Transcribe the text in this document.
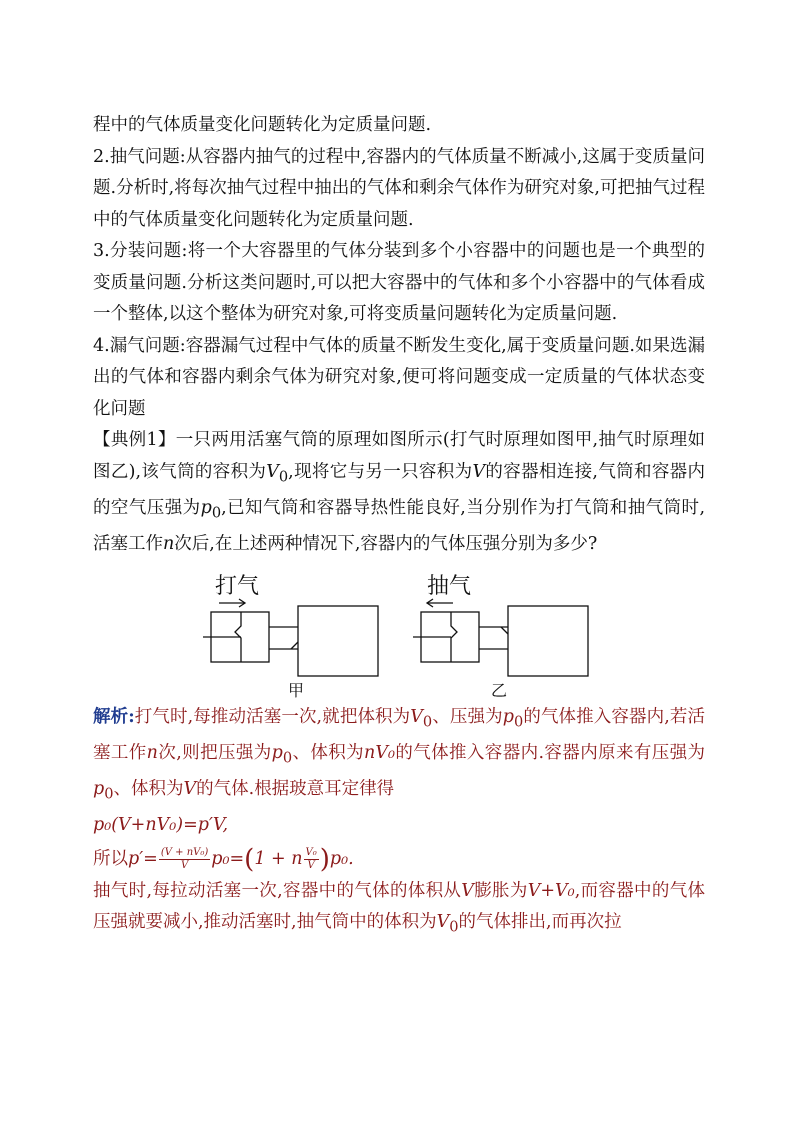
程中的气体质量变化问题转化为定质量问题.

2.抽气问题:从容器内抽气的过程中,容器内的气体质量不断减小,这属于变质量问题.分析时,将每次抽气过程中抽出的气体和剩余气体作为研究对象,可把抽气过程中的气体质量变化问题转化为定质量问题.

3.分装问题:将一个大容器里的气体分装到多个小容器中的问题也是一个典型的变质量问题.分析这类问题时,可以把大容器中的气体和多个小容器中的气体看成一个整体,以这个整体为研究对象,可将变质量问题转化为定质量问题.

4.漏气问题:容器漏气过程中气体的质量不断发生变化,属于变质量问题.如果选漏出的气体和容器内剩余气体为研究对象,便可将问题变成一定质量的气体状态变化问题

【典例1】一只两用活塞气筒的原理如图所示(打气时原理如图甲,抽气时原理如图乙),该气筒的容积为$V_0$,现将它与另一只容积为V的容器相连接,气筒和容器内的空气压强为$p_0$,已知气筒和容器导热性能良好,当分别作为打气筒和抽气筒时,活塞工作n次后,在上述两种情况下,容器内的气体压强分别为多少?

打气	抽气
甲	乙

解析:打气时,每推动活塞一次,就把体积为$V_0$、压强为$p_0$的气体推入容器内,若活塞工作n次,则把压强为$p_0$、体积为nV₀的气体推入容器内.容器内原来有压强为$p_0$、体积为V的气体.根据玻意耳定律得

p₀(V+nV₀)=p′V,

所以$p'= \frac{\text{(V + nV₀)}}{V} p_0=(1 + n \frac{\text{V₀}}{V} )p_0$.

抽气时,每拉动活塞一次,容器中的气体的体积从V膨胀为V+V₀,而容器中的气体压强就要减小,推动活塞时,抽气筒中的体积为$V_0$的气体排出,而再次拉
